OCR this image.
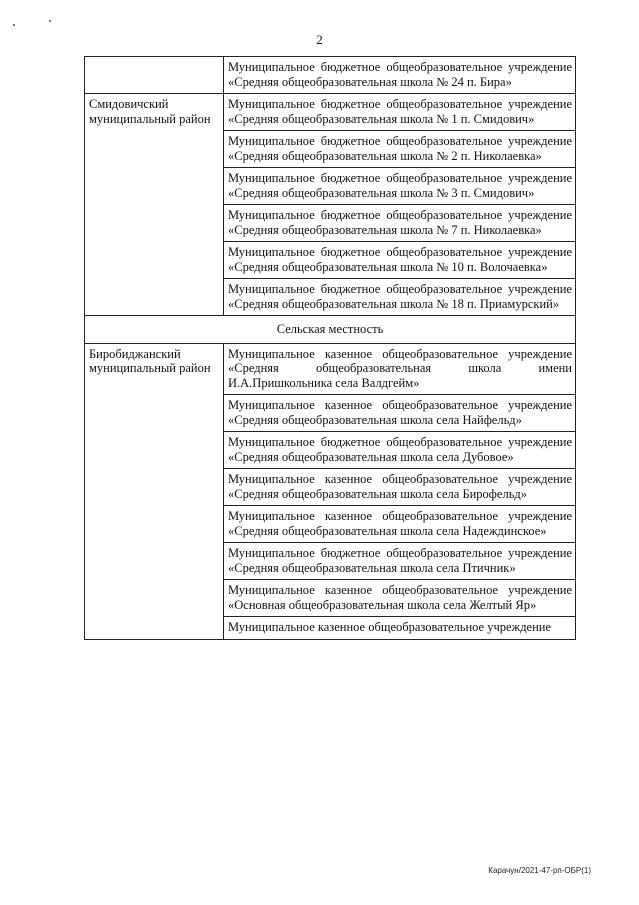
2
	Муниципальное бюджетное общеобразовательное учреждение «Средняя общеобразовательная школа № 24 п. Бира»
Смидовичский муниципальный район	Муниципальное бюджетное общеобразовательное учреждение «Средняя общеобразовательная школа № 1 п. Смидович»
	Муниципальное бюджетное общеобразовательное учреждение «Средняя общеобразовательная школа № 2 п. Николаевка»
	Муниципальное бюджетное общеобразовательное учреждение «Средняя общеобразовательная школа № 3 п. Смидович»
	Муниципальное бюджетное общеобразовательное учреждение «Средняя общеобразовательная школа № 7 п. Николаевка»
	Муниципальное бюджетное общеобразовательное учреждение «Средняя общеобразовательная школа № 10 п. Волочаевка»
	Муниципальное бюджетное общеобразовательное учреждение «Средняя общеобразовательная школа № 18 п. Приамурский»
Сельская местность	
Биробиджанский муниципальный район	Муниципальное казенное общеобразовательное учреждение «Средняя общеобразовательная школа имени И.А.Пришкольника села Валдгейм»
	Муниципальное казенное общеобразовательное учреждение «Средняя общеобразовательная школа села Найфельд»
	Муниципальное бюджетное общеобразовательное учреждение «Средняя общеобразовательная школа села Дубовое»
	Муниципальное казенное общеобразовательное учреждение «Средняя общеобразовательная школа села Бирофельд»
	Муниципальное казенное общеобразовательное учреждение «Средняя общеобразовательная школа села Надеждинское»
	Муниципальное бюджетное общеобразовательное учреждение «Средняя общеобразовательная школа села Птичник»
	Муниципальное казенное общеобразовательное учреждение «Основная общеобразовательная школа села Желтый Яр»
	Муниципальное казенное общеобразовательное учреждение
Карачун/2021-47-рп-ОБР(1)
